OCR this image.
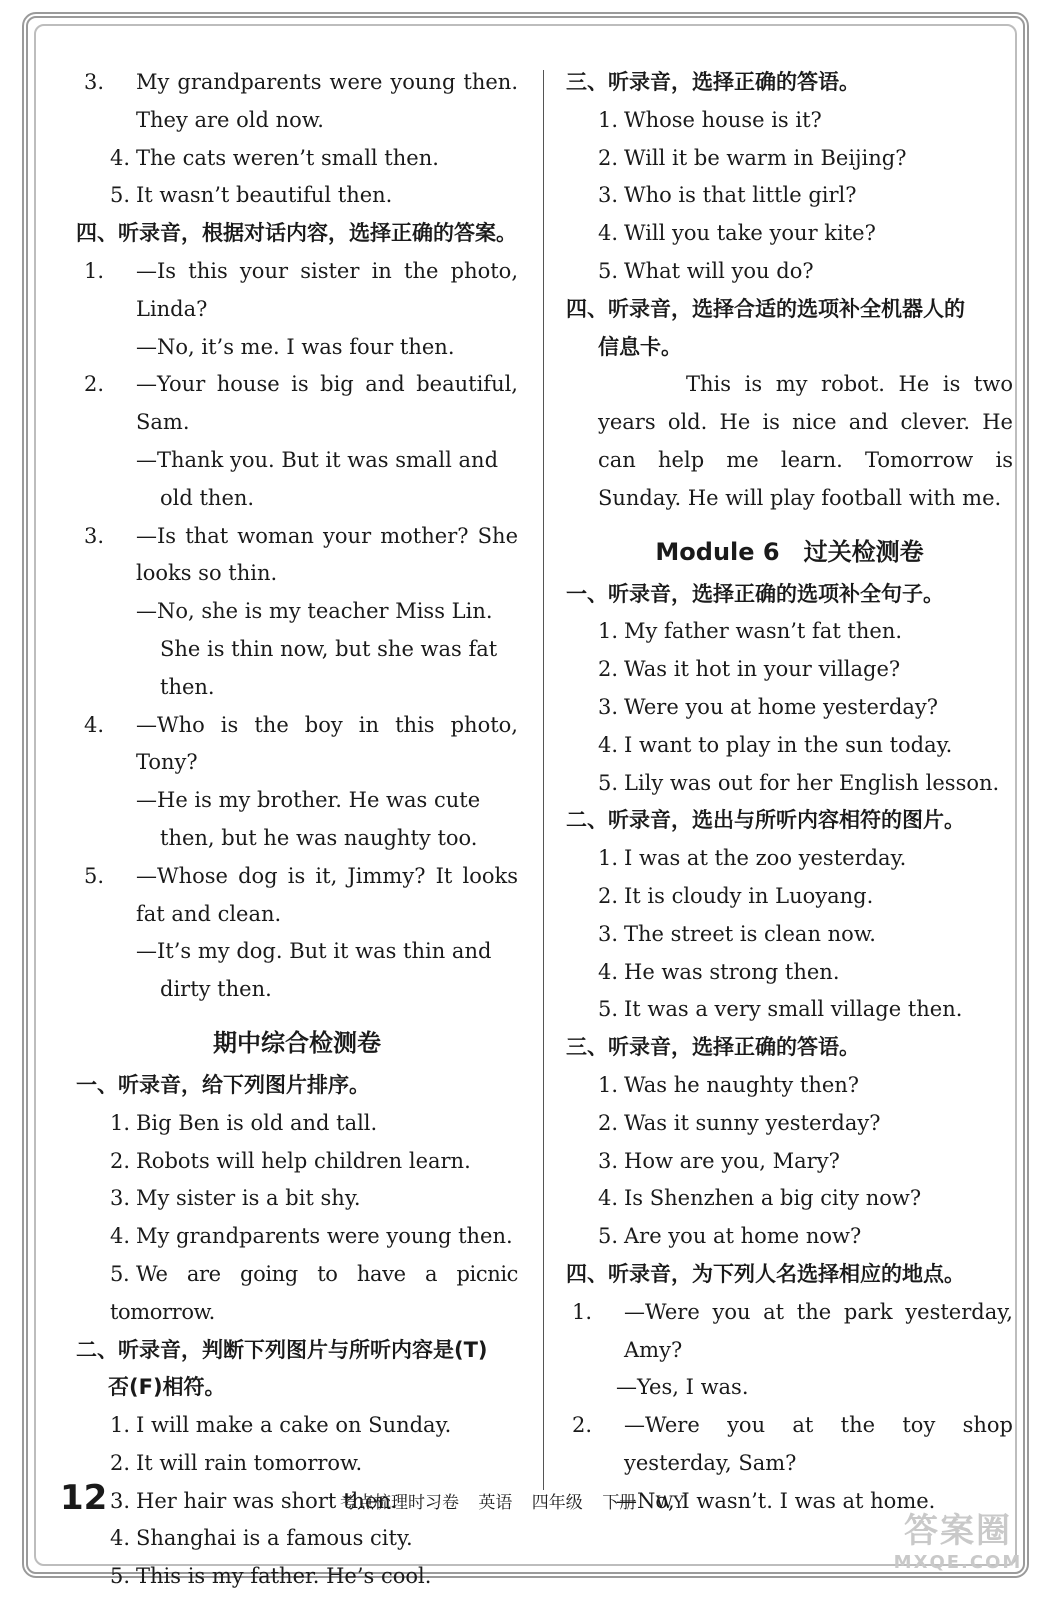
3. My grandparents were young then. They are old now.

4. The cats weren’t small then.

5. It wasn’t beautiful then.

四、听录音，根据对话内容，选择正确的答案。

1. —Is this your sister in the photo, Linda?

—No, it’s me. I was four then.

2. —Your house is big and beautiful, Sam.

—Thank you. But it was small and old then.

3. —Is that woman your mother? She looks so thin.

—No, she is my teacher Miss Lin. She is thin now, but she was fat then.

4. —Who is the boy in this photo, Tony?

—He is my brother. He was cute then, but he was naughty too.

5. —Whose dog is it, Jimmy? It looks fat and clean.

—It’s my dog. But it was thin and dirty then.

期中综合检测卷

一、听录音，给下列图片排序。

1. Big Ben is old and tall.

2. Robots will help children learn.

3. My sister is a bit shy.

4. My grandparents were young then.

5. We are going to have a picnic tomorrow.

二、听录音，判断下列图片与所听内容是(T)

否(F)相符。

1. I will make a cake on Sunday.

2. It will rain tomorrow.

3. Her hair was short then.

4. Shanghai is a famous city.

5. This is my father. He’s cool.

三、听录音，选择正确的答语。

1. Whose house is it?

2. Will it be warm in Beijing?

3. Who is that little girl?

4. Will you take your kite?

5. What will you do?

四、听录音，选择合适的选项补全机器人的

信息卡。

This is my robot. He is two years old. He is nice and clever. He can help me learn. Tomorrow is Sunday. He will play football with me.

Module 6　过关检测卷

一、听录音，选择正确的选项补全句子。

1. My father wasn’t fat then.

2. Was it hot in your village?

3. Were you at home yesterday?

4. I want to play in the sun today.

5. Lily was out for her English lesson.

二、听录音，选出与所听内容相符的图片。

1. I was at the zoo yesterday.

2. It is cloudy in Luoyang.

3. The street is clean now.

4. He was strong then.

5. It was a very small village then.

三、听录音，选择正确的答语。

1. Was he naughty then?

2. Was it sunny yesterday?

3. How are you, Mary?

4. Is Shenzhen a big city now?

5. Are you at home now?

四、听录音，为下列人名选择相应的地点。

1. —Were you at the park yesterday, Amy?

—Yes, I was.

2. —Were you at the toy shop yesterday, Sam?

—No, I wasn’t. I was at home.

12	考点梳理时习卷 英语 四年级 下册 WY
答案圈
MXQE.COM
